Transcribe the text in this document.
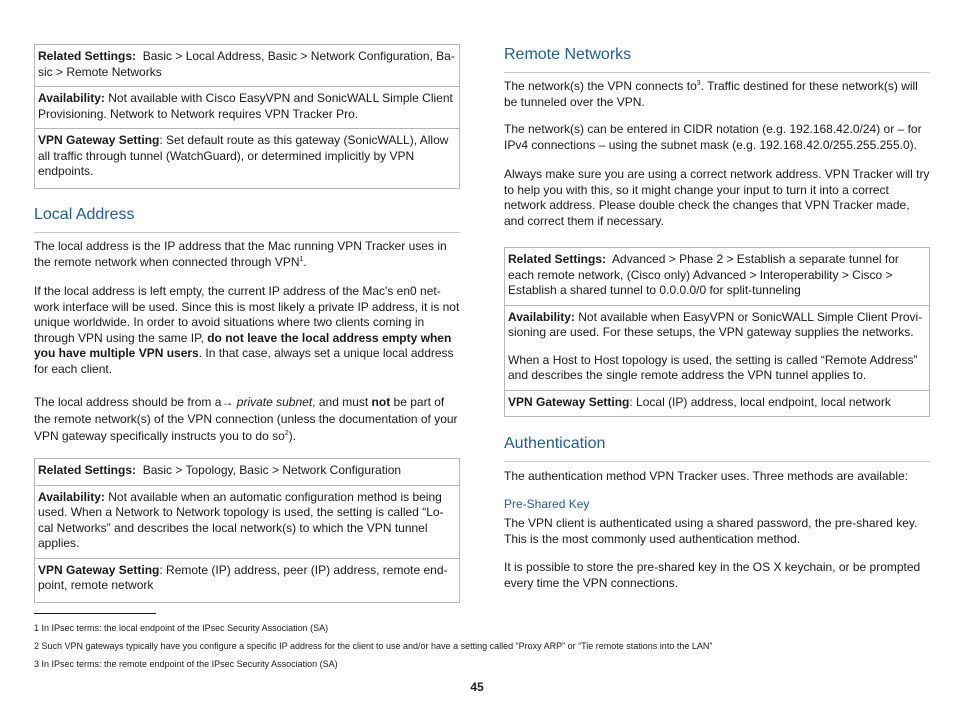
Related Settings: Basic > Local Address, Basic > Network Configuration, Ba-sic > Remote Networks

Availability: Not available with Cisco EasyVPN and SonicWALL Simple Client Provisioning. Network to Network requires VPN Tracker Pro.

VPN Gateway Setting: Set default route as this gateway (SonicWALL), Allow all traffic through tunnel (WatchGuard), or determined implicitly by VPN endpoints.

Local Address

The local address is the IP address that the Mac running VPN Tracker uses in the remote network when connected through VPN$^1$.

If the local address is left empty, the current IP address of the Mac's en0 net-work interface will be used. Since this is most likely a private IP address, it is not unique worldwide. In order to avoid situations where two clients coming in through VPN using the same IP, do not leave the local address empty when you have multiple VPN users. In that case, always set a unique local address for each client.

The local address should be from a→ private subnet, and must not be part of the remote network(s) of the VPN connection (unless the documentation of your VPN gateway specifically instructs you to do $so^2$).

Related Settings: Basic > Topology, Basic > Network Configuration

Availability: Not available when an automatic configuration method is being used. When a Network to Network topology is used, the setting is called “Lo-cal Networks” and describes the local network(s) to which the VPN tunnel applies.

VPN Gateway Setting: Remote (IP) address, peer (IP) address, remote end-point, remote network

Remote Networks

The network(s) the VPN connects $to^3$. Traffic destined for these network(s) will be tunneled over the VPN.

The network(s) can be entered in CIDR notation (e.g. 192.168.42.0/24) or – for IPv4 connections – using the subnet mask (e.g. 192.168.42.0/255.255.255.0).

Always make sure you are using a correct network address. VPN Tracker will try to help you with this, so it might change your input to turn it into a correct network address. Please double check the changes that VPN Tracker made, and correct them if necessary.

Related Settings: Advanced > Phase 2 > Establish a separate tunnel for each remote network, (Cisco only) Advanced > Interoperability > Cisco > Establish a shared tunnel to 0.0.0.0/0 for split-tunneling

Availability: Not available when EasyVPN or SonicWALL Simple Client Provi-sioning are used. For these setups, the VPN gateway supplies the networks.

When a Host to Host topology is used, the setting is called “Remote Address” and describes the single remote address the VPN tunnel applies to.

VPN Gateway Setting: Local (IP) address, local endpoint, local network

Authentication

The authentication method VPN Tracker uses. Three methods are available:

Pre-Shared Key

The VPN client is authenticated using a shared password, the pre-shared key. This is the most commonly used authentication method.

It is possible to store the pre-shared key in the OS X keychain, or be prompted every time the VPN connections.

1 In IPsec terms: the local endpoint of the IPsec Security Association (SA)

2 Such VPN gateways typically have you configure a specific IP address for the client to use and/or have a setting called “Proxy ARP” or “Tie remote stations into the LAN”

3 In IPsec terms: the remote endpoint of the IPsec Security Association (SA)

45
